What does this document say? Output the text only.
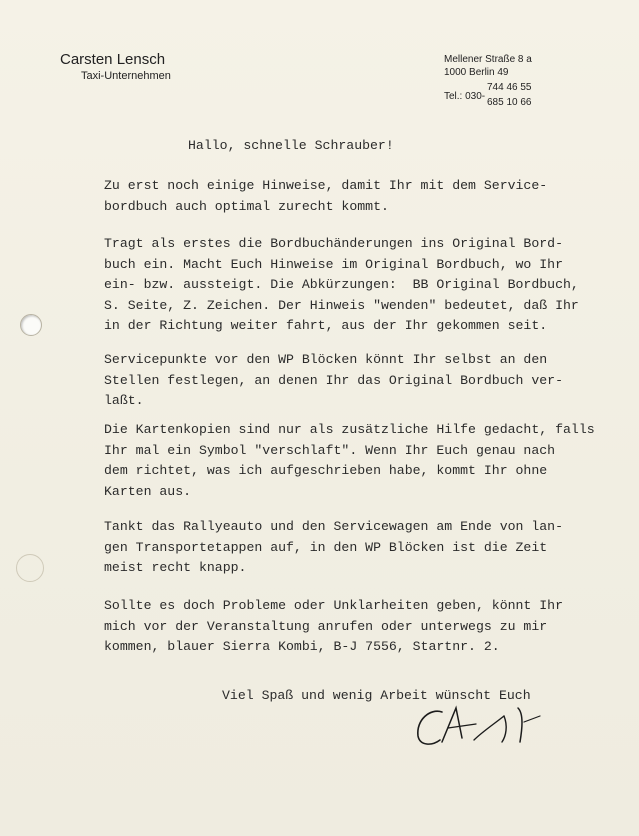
Carsten Lensch
Taxi-Unternehmen
Mellener Straße 8 a
1000 Berlin 49
Tel.: 030-
744 46 55
685 10 66
Hallo, schnelle Schrauber!
Zu erst noch einige Hinweise, damit Ihr mit dem Service-
bordbuch auch optimal zurecht kommt.
Tragt als erstes die Bordbuchänderungen ins Original Bord-
buch ein. Macht Euch Hinweise im Original Bordbuch, wo Ihr
ein- bzw. aussteigt. Die Abkürzungen:  BB Original Bordbuch,
S. Seite, Z. Zeichen. Der Hinweis "wenden" bedeutet, daß Ihr
in der Richtung weiter fahrt, aus der Ihr gekommen seit.
Servicepunkte vor den WP Blöcken könnt Ihr selbst an den
Stellen festlegen, an denen Ihr das Original Bordbuch ver-
laßt.
Die Kartenkopien sind nur als zusätzliche Hilfe gedacht, falls
Ihr mal ein Symbol "verschlaft". Wenn Ihr Euch genau nach
dem richtet, was ich aufgeschrieben habe, kommt Ihr ohne
Karten aus.
Tankt das Rallyeauto und den Servicewagen am Ende von lan-
gen Transportetappen auf, in den WP Blöcken ist die Zeit
meist recht knapp.
Sollte es doch Probleme oder Unklarheiten geben, könnt Ihr
mich vor der Veranstaltung anrufen oder unterwegs zu mir
kommen, blauer Sierra Kombi, B-J 7556, Startnr. 2.
Viel Spaß und wenig Arbeit wünscht Euch
